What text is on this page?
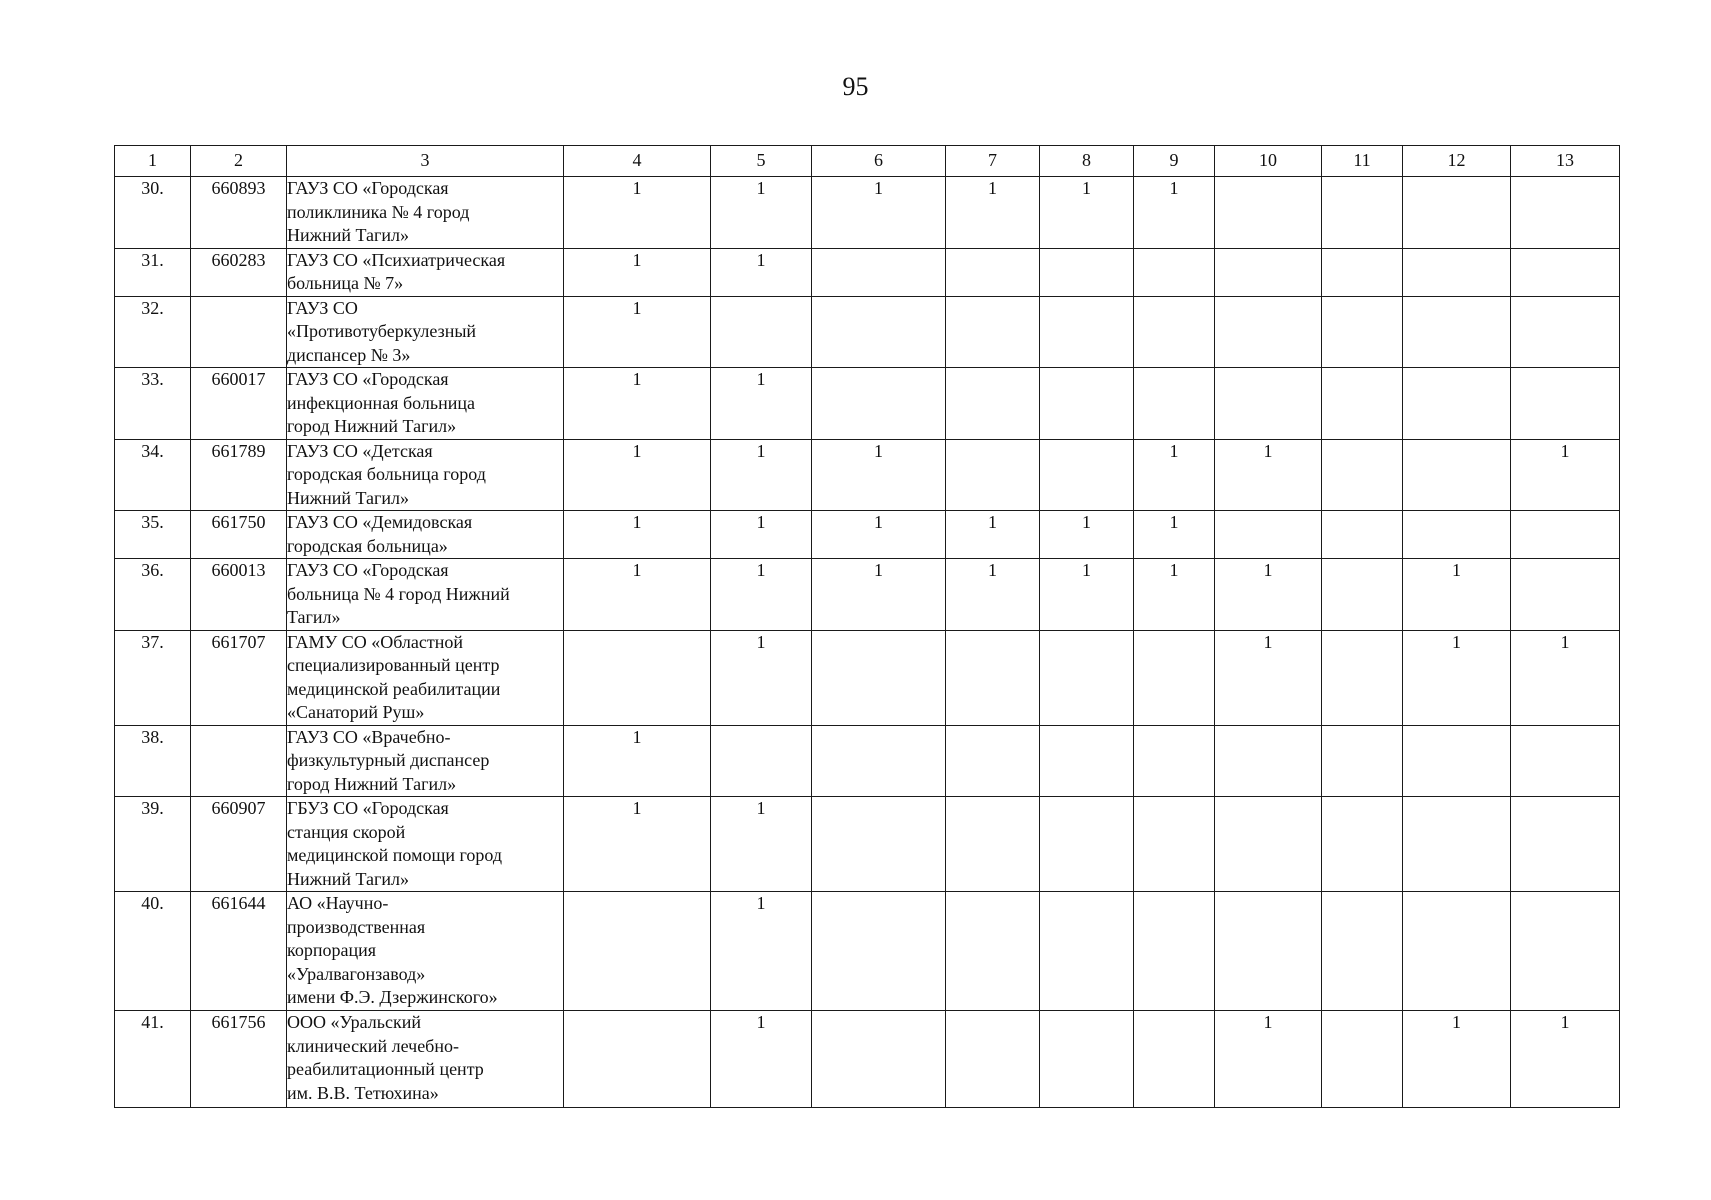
95
1	2	3	4	5	6	7	8	9	10	11	12	13
30.	660893	ГАУЗ СО «Городская
поликлиника № 4 город
Нижний Тагил»	1	1	1	1	1	1				
31.	660283	ГАУЗ СО «Психиатрическая
больница № 7»	1	1								
32.		ГАУЗ СО
«Противотуберкулезный
диспансер № 3»	1									
33.	660017	ГАУЗ СО «Городская
инфекционная больница
город Нижний Тагил»	1	1								
34.	661789	ГАУЗ СО «Детская
городская больница город
Нижний Тагил»	1	1	1			1	1			1
35.	661750	ГАУЗ СО «Демидовская
городская больница»	1	1	1	1	1	1				
36.	660013	ГАУЗ СО «Городская
больница № 4 город Нижний
Тагил»	1	1	1	1	1	1	1		1	
37.	661707	ГАМУ СО «Областной
специализированный центр
медицинской реабилитации
«Санаторий Руш»		1					1		1	1
38.		ГАУЗ СО «Врачебно-
физкультурный диспансер
город Нижний Тагил»	1									
39.	660907	ГБУЗ СО «Городская
станция скорой
медицинской помощи город
Нижний Тагил»	1	1								
40.	661644	АО «Научно-
производственная
корпорация
«Уралвагонзавод»
имени Ф.Э. Дзержинского»		1								
41.	661756	ООО «Уральский
клинический лечебно-
реабилитационный центр
им. В.В. Тетюхина»		1					1		1	1
